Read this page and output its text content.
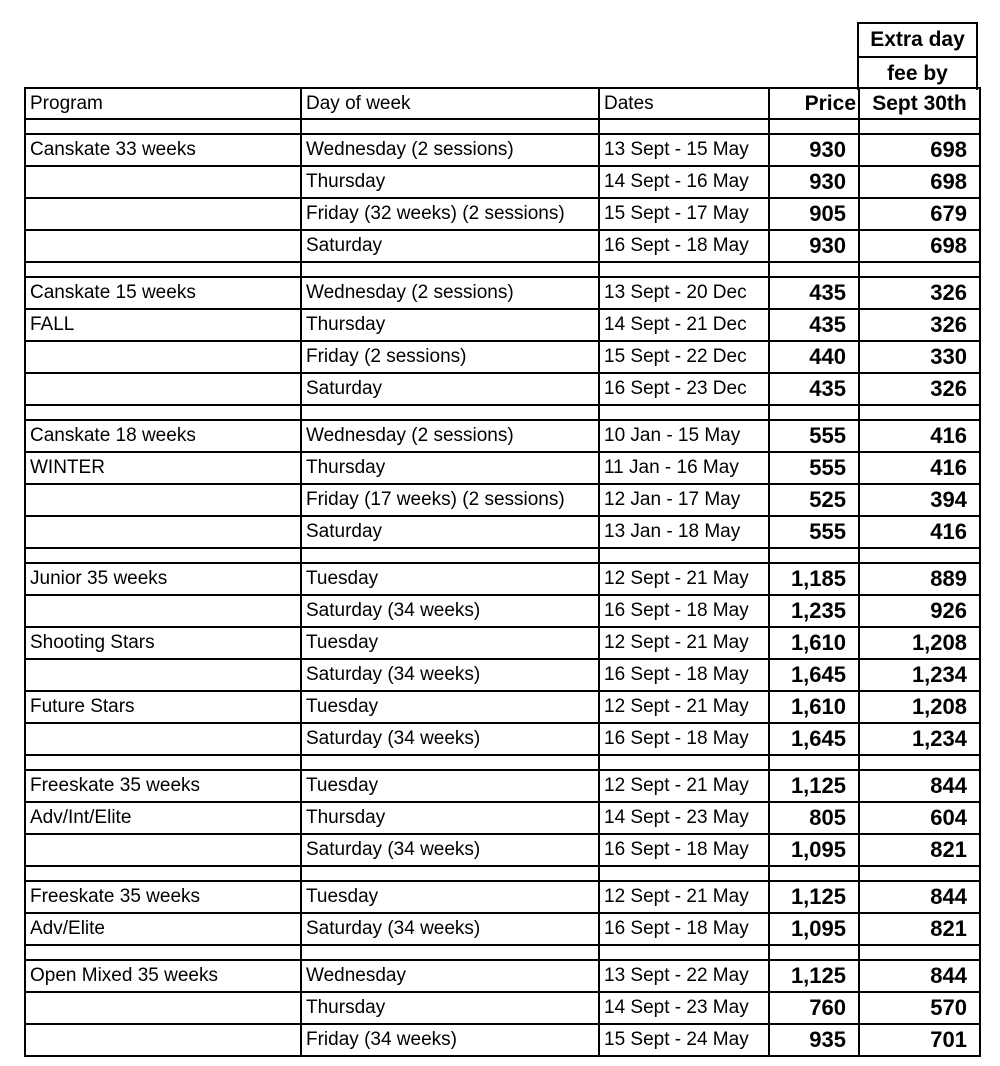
Extra day
fee by
Program	Day of week	Dates	Price	Sept 30th

Canskate 33 weeks	Wednesday (2 sessions)	13 Sept - 15 May	930	698
	Thursday	14 Sept - 16 May	930	698
	Friday (32 weeks) (2 sessions)	15 Sept - 17 May	905	679
	Saturday	16 Sept - 18 May	930	698

Canskate 15 weeks	Wednesday (2 sessions)	13 Sept - 20 Dec	435	326
FALL	Thursday	14 Sept - 21 Dec	435	326
	Friday (2 sessions)	15 Sept - 22 Dec	440	330
	Saturday	16 Sept - 23 Dec	435	326

Canskate 18 weeks	Wednesday (2 sessions)	10 Jan - 15 May	555	416
WINTER	Thursday	11 Jan - 16 May	555	416
	Friday (17 weeks) (2 sessions)	12 Jan - 17 May	525	394
	Saturday	13 Jan - 18 May	555	416

Junior 35 weeks	Tuesday	12 Sept - 21 May	1,185	889
	Saturday (34 weeks)	16 Sept - 18 May	1,235	926
Shooting Stars	Tuesday	12 Sept - 21 May	1,610	1,208
	Saturday (34 weeks)	16 Sept - 18 May	1,645	1,234
Future Stars	Tuesday	12 Sept - 21 May	1,610	1,208
	Saturday (34 weeks)	16 Sept - 18 May	1,645	1,234

Freeskate 35 weeks	Tuesday	12 Sept - 21 May	1,125	844
Adv/Int/Elite	Thursday	14 Sept - 23 May	805	604
	Saturday (34 weeks)	16 Sept - 18 May	1,095	821

Freeskate 35 weeks	Tuesday	12 Sept - 21 May	1,125	844
Adv/Elite	Saturday (34 weeks)	16 Sept - 18 May	1,095	821

Open Mixed 35 weeks	Wednesday	13 Sept - 22 May	1,125	844
	Thursday	14 Sept - 23 May	760	570
	Friday (34 weeks)	15 Sept - 24 May	935	701
